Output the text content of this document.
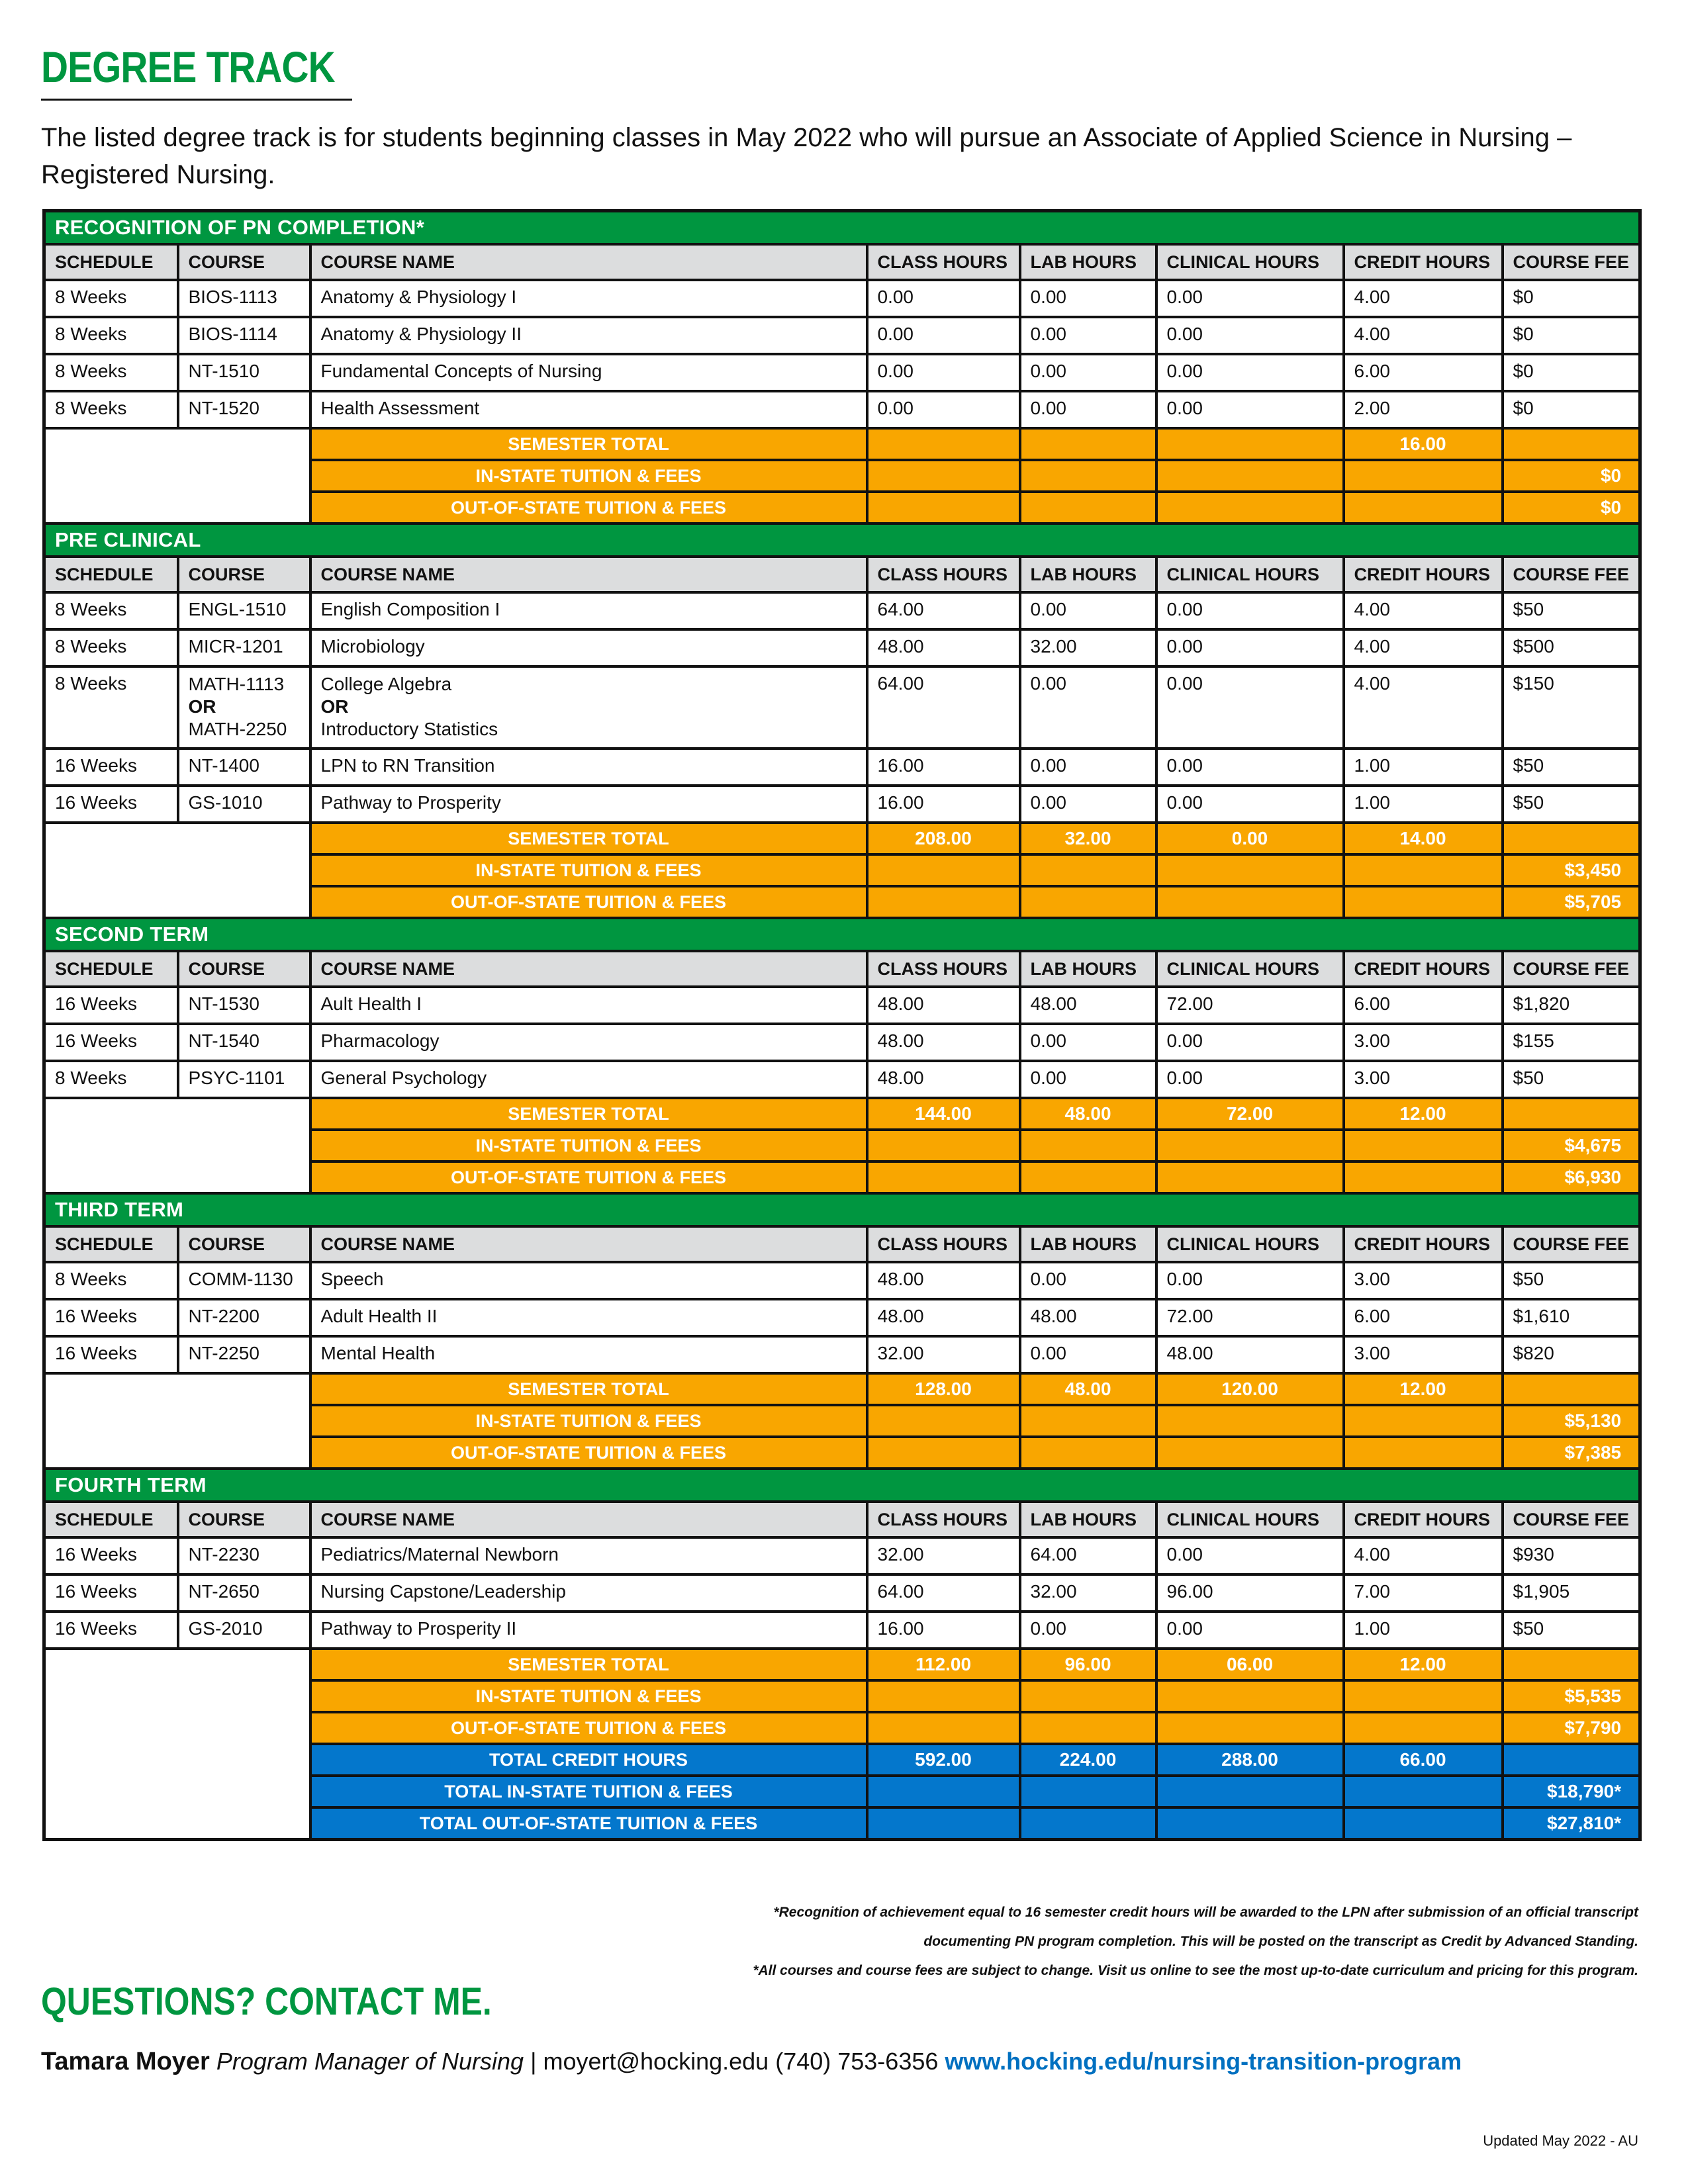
DEGREE TRACK

The listed degree track is for students beginning classes in May 2022 who will pursue an Associate of Applied Science in Nursing – Registered Nursing.

RECOGNITION OF PN COMPLETION*							
SCHEDULE	COURSE	COURSE NAME	CLASS HOURS	LAB HOURS	CLINICAL HOURS	CREDIT HOURS	COURSE FEE
8 Weeks	BIOS-1113	Anatomy & Physiology I	0.00	0.00	0.00	4.00	$0
8 Weeks	BIOS-1114	Anatomy & Physiology II	0.00	0.00	0.00	4.00	$0
8 Weeks	NT-1510	Fundamental Concepts of Nursing	0.00	0.00	0.00	6.00	$0
8 Weeks	NT-1520	Health Assessment	0.00	0.00	0.00	2.00	$0
		SEMESTER TOTAL				16.00	
		IN-STATE TUITION & FEES					$0
		OUT-OF-STATE TUITION & FEES					$0
PRE CLINICAL							
SCHEDULE	COURSE	COURSE NAME	CLASS HOURS	LAB HOURS	CLINICAL HOURS	CREDIT HOURS	COURSE FEE
8 Weeks	ENGL-1510	English Composition I	64.00	0.00	0.00	4.00	$50
8 Weeks	MICR-1201	Microbiology	48.00	32.00	0.00	4.00	$500
8 Weeks	MATH-1113
OR
MATH-2250	College Algebra
OR
Introductory Statistics	64.00	0.00	0.00	4.00	$150
16 Weeks	NT-1400	LPN to RN Transition	16.00	0.00	0.00	1.00	$50
16 Weeks	GS-1010	Pathway to Prosperity	16.00	0.00	0.00	1.00	$50
		SEMESTER TOTAL	208.00	32.00	0.00	14.00	
		IN-STATE TUITION & FEES					$3,450
		OUT-OF-STATE TUITION & FEES					$5,705
SECOND TERM							
SCHEDULE	COURSE	COURSE NAME	CLASS HOURS	LAB HOURS	CLINICAL HOURS	CREDIT HOURS	COURSE FEE
16 Weeks	NT-1530	Ault Health I	48.00	48.00	72.00	6.00	$1,820
16 Weeks	NT-1540	Pharmacology	48.00	0.00	0.00	3.00	$155
8 Weeks	PSYC-1101	General Psychology	48.00	0.00	0.00	3.00	$50
		SEMESTER TOTAL	144.00	48.00	72.00	12.00	
		IN-STATE TUITION & FEES					$4,675
		OUT-OF-STATE TUITION & FEES					$6,930
THIRD TERM							
SCHEDULE	COURSE	COURSE NAME	CLASS HOURS	LAB HOURS	CLINICAL HOURS	CREDIT HOURS	COURSE FEE
8 Weeks	COMM-1130	Speech	48.00	0.00	0.00	3.00	$50
16 Weeks	NT-2200	Adult Health II	48.00	48.00	72.00	6.00	$1,610
16 Weeks	NT-2250	Mental Health	32.00	0.00	48.00	3.00	$820
		SEMESTER TOTAL	128.00	48.00	120.00	12.00	
		IN-STATE TUITION & FEES					$5,130
		OUT-OF-STATE TUITION & FEES					$7,385
FOURTH TERM							
SCHEDULE	COURSE	COURSE NAME	CLASS HOURS	LAB HOURS	CLINICAL HOURS	CREDIT HOURS	COURSE FEE
16 Weeks	NT-2230	Pediatrics/Maternal Newborn	32.00	64.00	0.00	4.00	$930
16 Weeks	NT-2650	Nursing Capstone/Leadership	64.00	32.00	96.00	7.00	$1,905
16 Weeks	GS-2010	Pathway to Prosperity II	16.00	0.00	0.00	1.00	$50
		SEMESTER TOTAL	112.00	96.00	06.00	12.00	
		IN-STATE TUITION & FEES					$5,535
		OUT-OF-STATE TUITION & FEES					$7,790
		TOTAL CREDIT HOURS	592.00	224.00	288.00	66.00	
		TOTAL IN-STATE TUITION & FEES					$18,790*
		TOTAL OUT-OF-STATE TUITION & FEES					$27,810*

*Recognition of achievement equal to 16 semester credit hours will be awarded to the LPN after submission of an official transcript

documenting PN program completion. This will be posted on the transcript as Credit by Advanced Standing.

*All courses and course fees are subject to change. Visit us online to see the most up-to-date curriculum and pricing for this program.

QUESTIONS? CONTACT ME.
Tamara Moyer Program Manager of Nursing | moyert@hocking.edu (740) 753-6356 www.hocking.edu/nursing-transition-program
Updated May 2022 - AU
